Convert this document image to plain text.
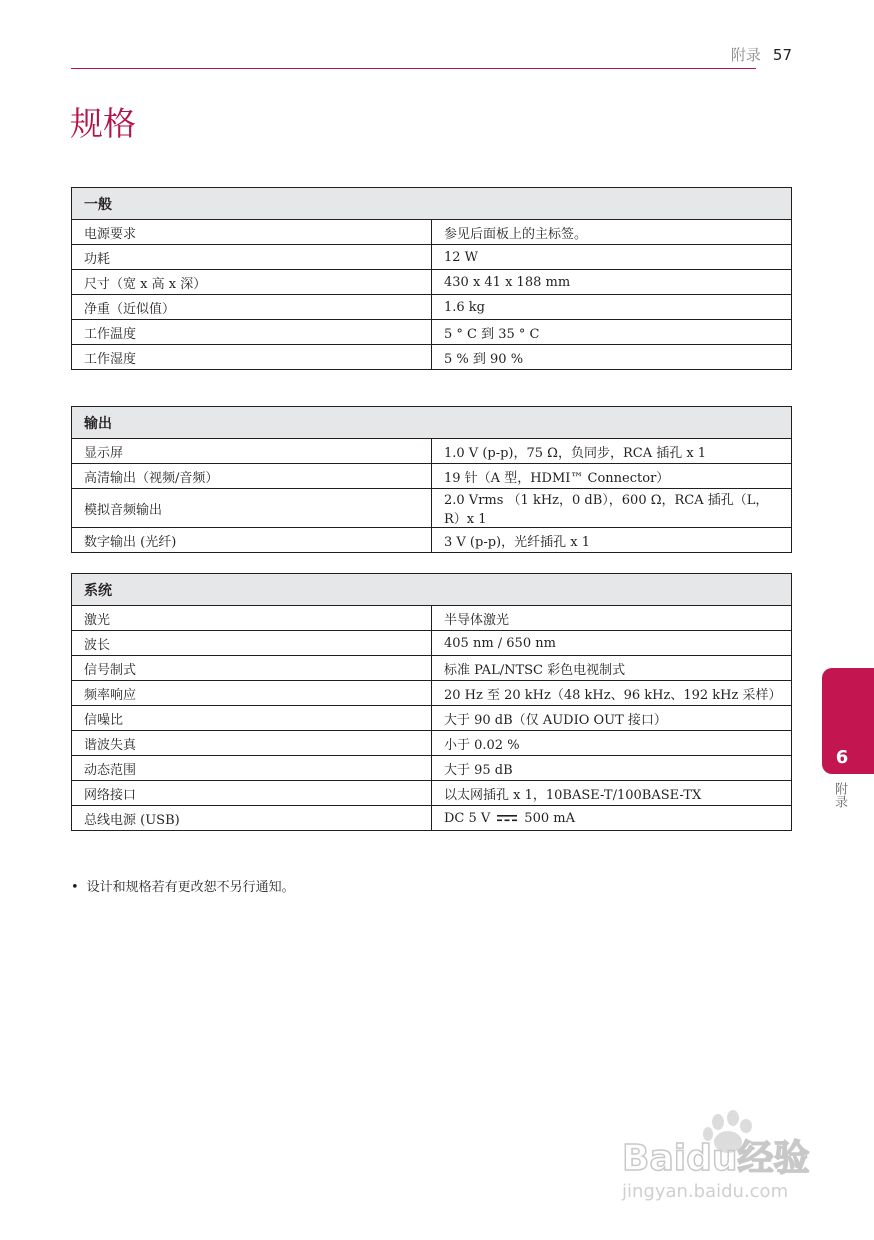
附录 57
规格
一般	
电源要求	参见后面板上的主标签。
功耗	12 W
尺寸（宽 x 高 x 深）	430 x 41 x 188 mm
净重（近似值）	1.6 kg
工作温度	5 ° C 到 35 ° C
工作湿度	5 % 到 90 %
输出	
显示屏	1.0 V (p-p)，75 Ω，负同步，RCA 插孔 x 1
高清输出（视频/音频）	19 针（A 型，HDMI™ Connector）
模拟音频输出	2.0 Vrms （1 kHz，0 dB），600 Ω，RCA 插孔（L，R）x 1
数字输出 (光纤)	3 V (p-p)，光纤插孔 x 1
系统	
激光	半导体激光
波长	405 nm / 650 nm
信号制式	标准 PAL/NTSC 彩色电视制式
频率响应	20 Hz 至 20 kHz（48 kHz、96 kHz、192 kHz 采样）
信噪比	大于 90 dB（仅 AUDIO OUT 接口）
谐波失真	小于 0.02 %
动态范围	大于 95 dB
网络接口	以太网插孔 x 1，10BASE-T/100BASE-TX
总线电源 (USB)	DC 5 V 500 mA
• 设计和规格若有更改恕不另行通知。
6
附录
Baidu经验
jingyan.baidu.com
